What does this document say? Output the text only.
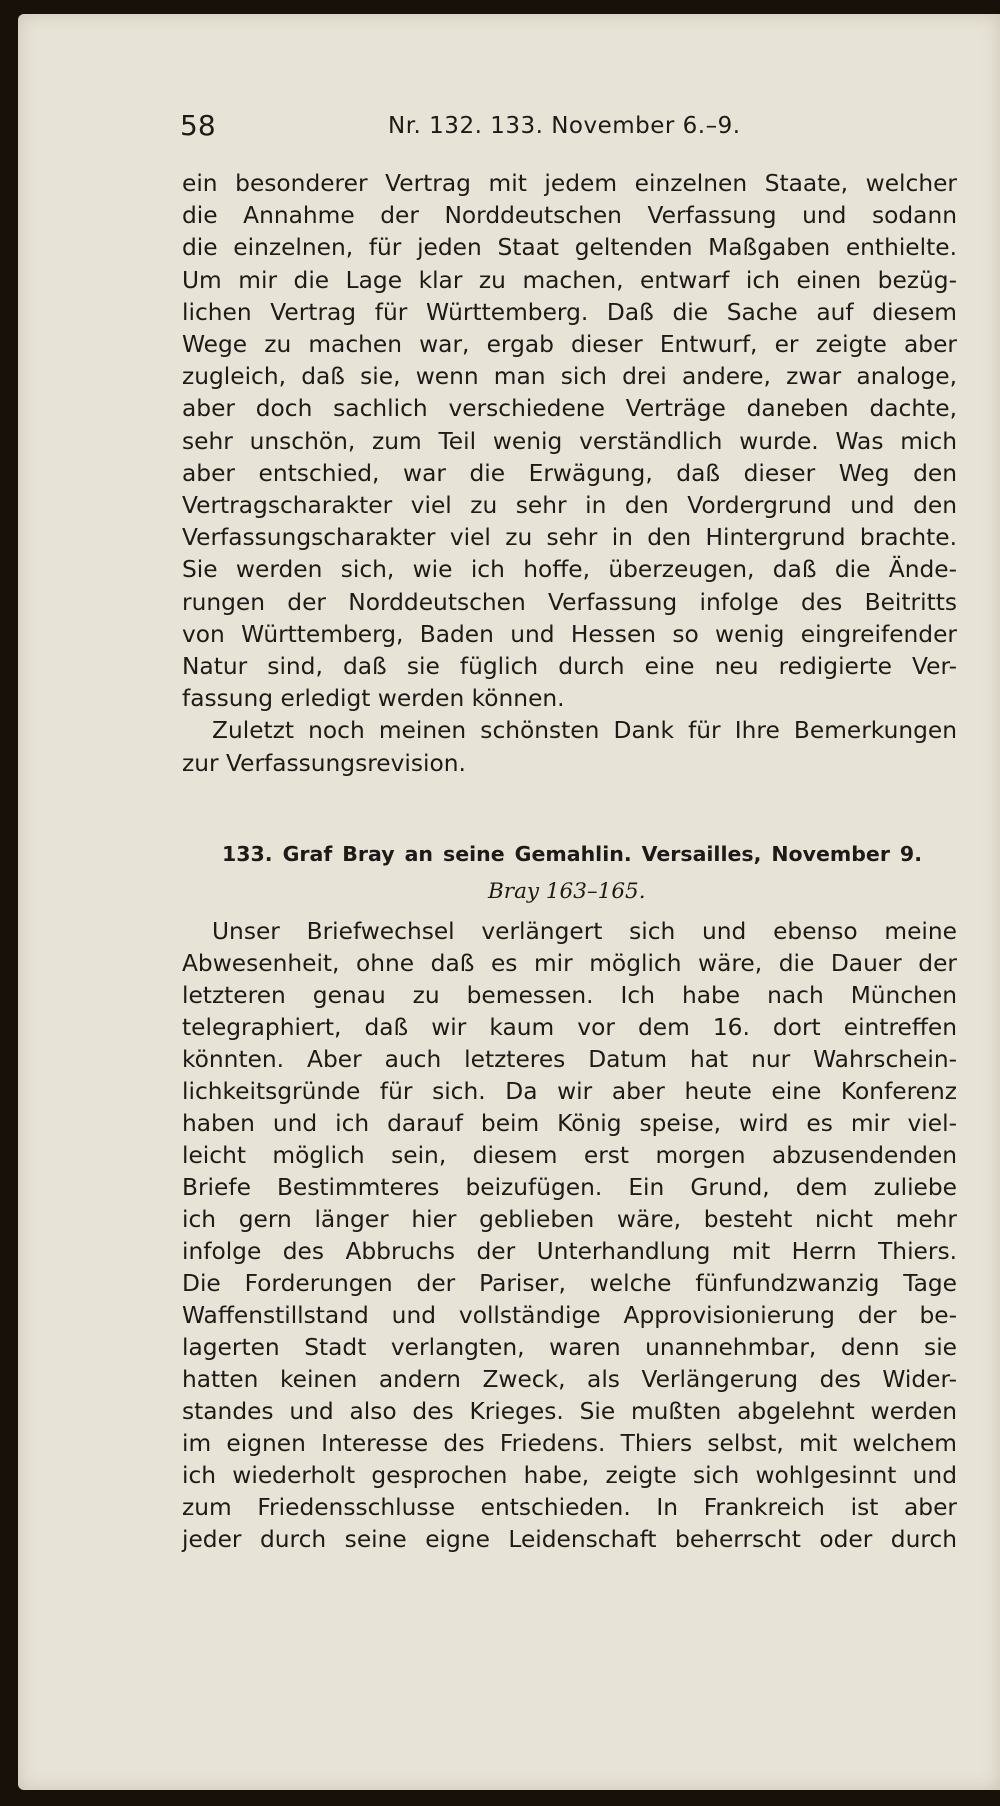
58	Nr. 132. 133. November 6.–9.
ein besonderer Vertrag mit jedem einzelnen Staate, welcher
die Annahme der Norddeutschen Verfassung und sodann
die einzelnen, für jeden Staat geltenden Maßgaben enthielte.
Um mir die Lage klar zu machen, entwarf ich einen bezüg-
lichen Vertrag für Württemberg. Daß die Sache auf diesem
Wege zu machen war, ergab dieser Entwurf, er zeigte aber
zugleich, daß sie, wenn man sich drei andere, zwar analoge,
aber doch sachlich verschiedene Verträge daneben dachte,
sehr unschön, zum Teil wenig verständlich wurde. Was mich
aber entschied, war die Erwägung, daß dieser Weg den
Vertragscharakter viel zu sehr in den Vordergrund und den
Verfassungscharakter viel zu sehr in den Hintergrund brachte.
Sie werden sich, wie ich hoffe, überzeugen, daß die Ände-
rungen der Norddeutschen Verfassung infolge des Beitritts
von Württemberg, Baden und Hessen so wenig eingreifender
Natur sind, daß sie füglich durch eine neu redigierte Ver-
fassung erledigt werden können.
Zuletzt noch meinen schönsten Dank für Ihre Bemerkungen
zur Verfassungsrevision.
133. Graf Bray an seine Gemahlin. Versailles, November 9.
Bray 163–165.
Unser Briefwechsel verlängert sich und ebenso meine
Abwesenheit, ohne daß es mir möglich wäre, die Dauer der
letzteren genau zu bemessen. Ich habe nach München
telegraphiert, daß wir kaum vor dem 16. dort eintreffen
könnten. Aber auch letzteres Datum hat nur Wahrschein-
lichkeitsgründe für sich. Da wir aber heute eine Konferenz
haben und ich darauf beim König speise, wird es mir viel-
leicht möglich sein, diesem erst morgen abzusendenden
Briefe Bestimmteres beizufügen. Ein Grund, dem zuliebe
ich gern länger hier geblieben wäre, besteht nicht mehr
infolge des Abbruchs der Unterhandlung mit Herrn Thiers.
Die Forderungen der Pariser, welche fünfundzwanzig Tage
Waffenstillstand und vollständige Approvisionierung der be-
lagerten Stadt verlangten, waren unannehmbar, denn sie
hatten keinen andern Zweck, als Verlängerung des Wider-
standes und also des Krieges. Sie mußten abgelehnt werden
im eignen Interesse des Friedens. Thiers selbst, mit welchem
ich wiederholt gesprochen habe, zeigte sich wohlgesinnt und
zum Friedensschlusse entschieden. In Frankreich ist aber
jeder durch seine eigne Leidenschaft beherrscht oder durch
